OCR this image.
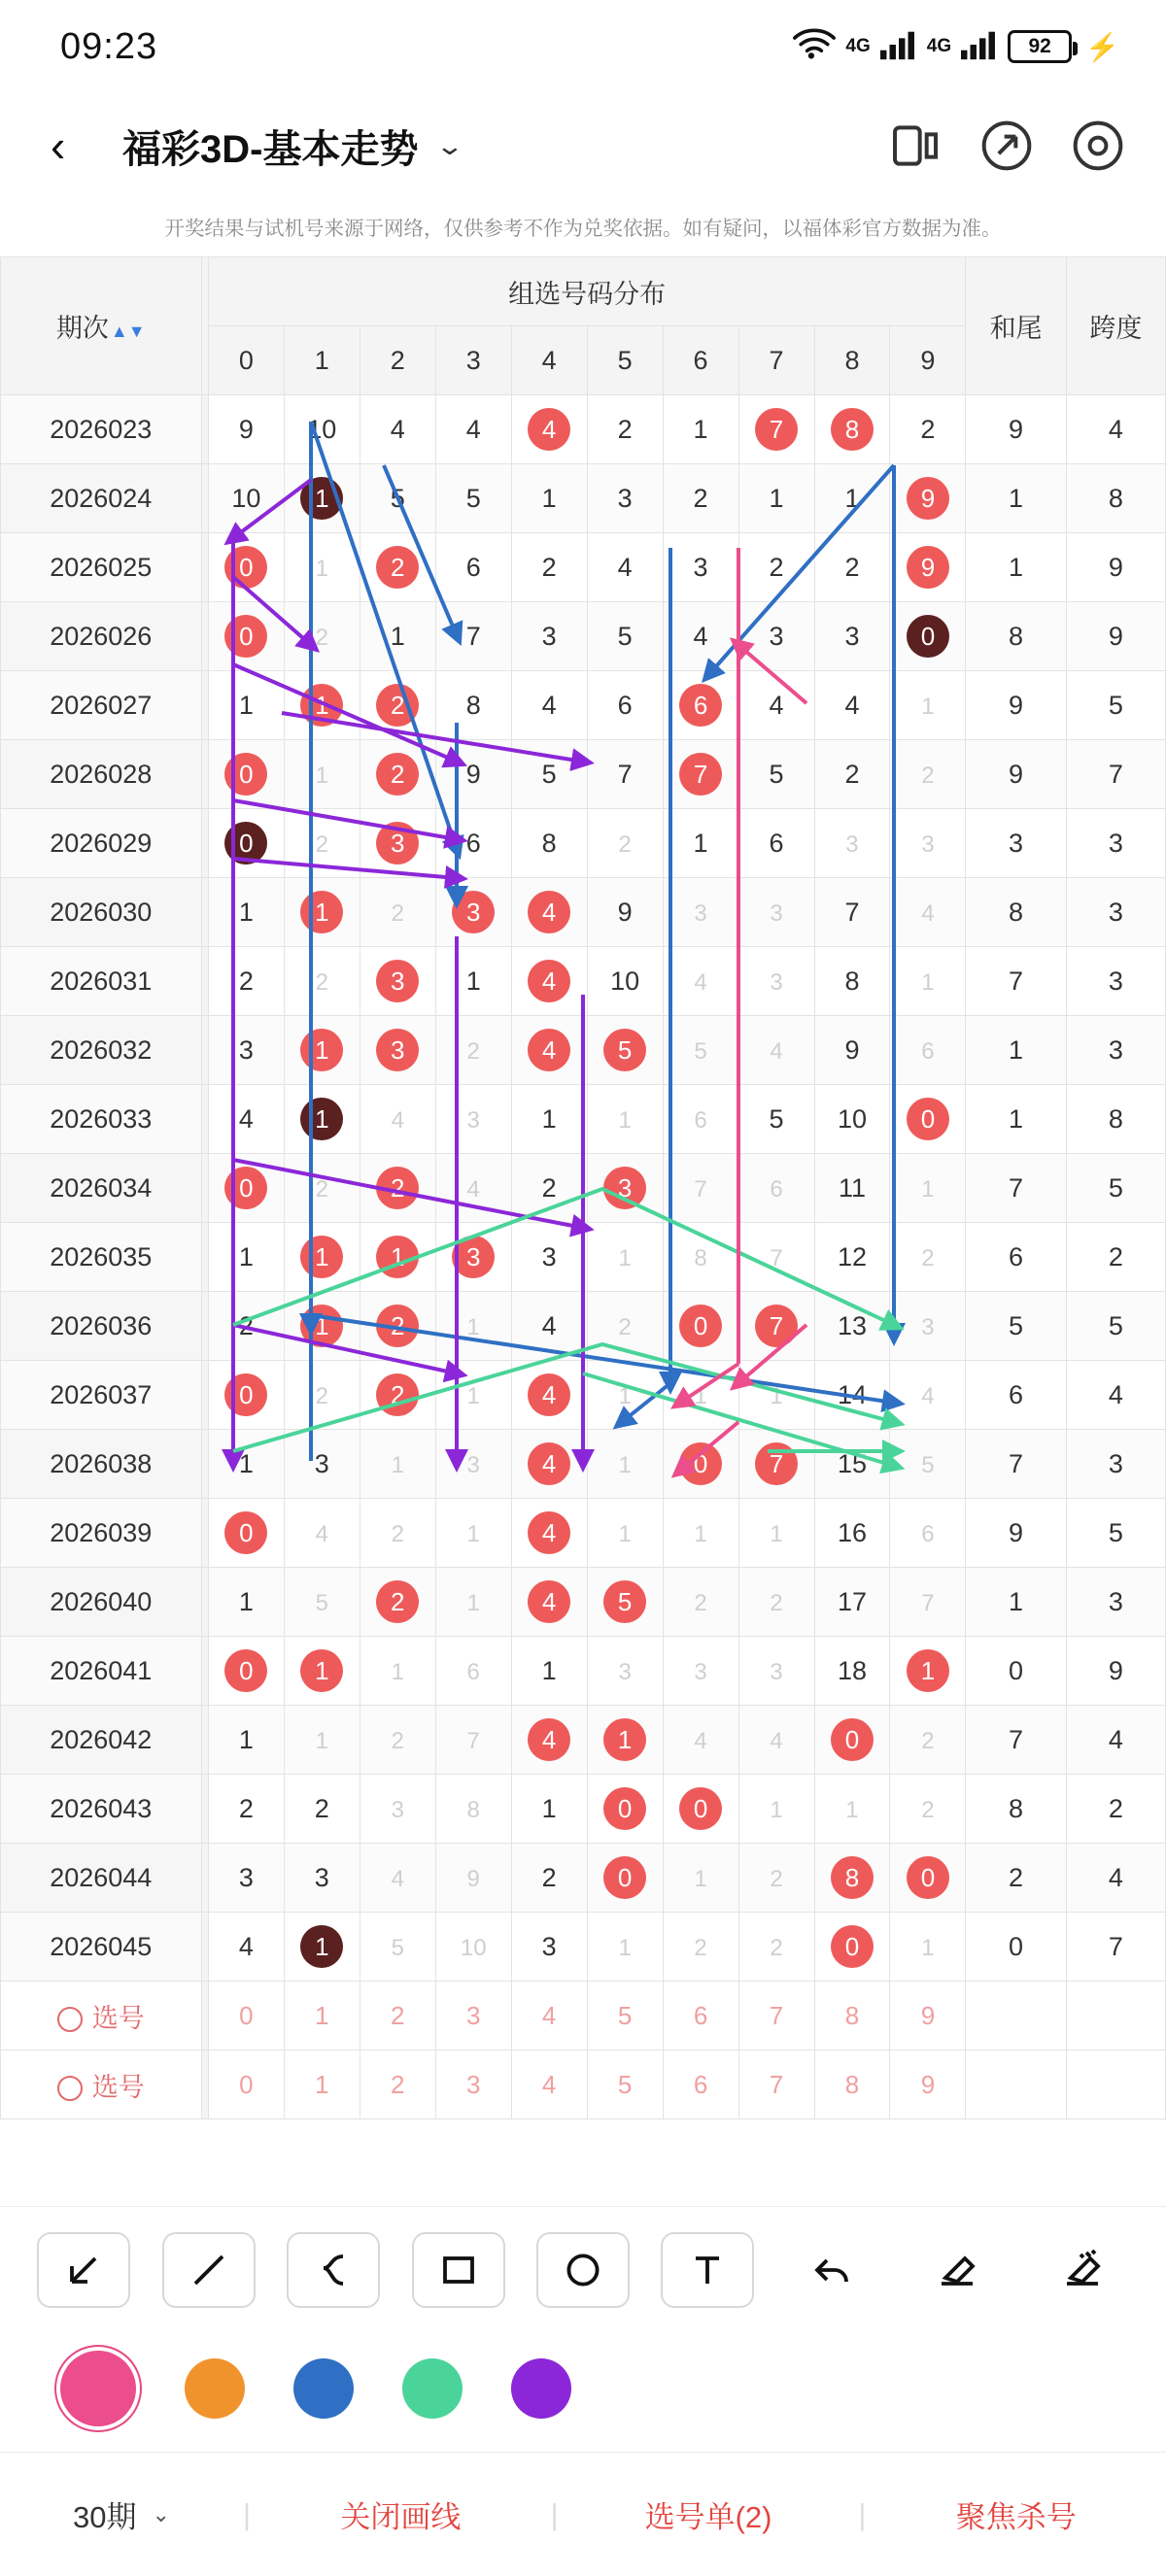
09:23	4G	4G	92 ⚡
‹	福彩3D-基本走势 ⌄
开奖结果与试机号来源于网络，仅供参考不作为兑奖依据。如有疑问，以福体彩官方数据为准。
期次 ▲▼		组选号码分布										和尾	跨度
		0	1	2	3	4	5	6	7	8	9		
2026023		9	10	4	4	4	2	1	7	8	2	9	4
2026024		10	1	5	5	1	3	2	1	1	9	1	8
2026025		0	1	2	6	2	4	3	2	2	9	1	9
2026026		0	2	1	7	3	5	4	3	3	0	8	9
2026027		1	1	2	8	4	6	6	4	4	1	9	5
2026028		0	1	2	9	5	7	7	5	2	2	9	7
2026029		0	2	3	6	8	2	1	6	3	3	3	3
2026030		1	1	2	3	4	9	3	3	7	4	8	3
2026031		2	2	3	1	4	10	4	3	8	1	7	3
2026032		3	1	3	2	4	5	5	4	9	6	1	3
2026033		4	1	4	3	1	1	6	5	10	0	1	8
2026034		0	2	2	4	2	3	7	6	11	1	7	5
2026035		1	1	1	3	3	1	8	7	12	2	6	2
2026036		2	1	2	1	4	2	0	7	13	3	5	5
2026037		0	2	2	1	4	1	1	1	14	4	6	4
2026038		1	3	1	3	4	1	0	7	15	5	7	3
2026039		0	4	2	1	4	1	1	1	16	6	9	5
2026040		1	5	2	1	4	5	2	2	17	7	1	3
2026041		0	1	1	6	1	3	3	3	18	1	0	9
2026042		1	1	2	7	4	1	4	4	0	2	7	4
2026043		2	2	3	8	1	0	0	1	1	2	8	2
2026044		3	3	4	9	2	0	1	2	8	0	2	4
2026045		4	1	5	10	3	1	2	2	0	1	0	7
选号		0	1	2	3	4	5	6	7	8	9		
选号		0	1	2	3	4	5	6	7	8	9		
30期 ⌄ |	关闭画线	|	选号单(2)	|	聚焦杀号
